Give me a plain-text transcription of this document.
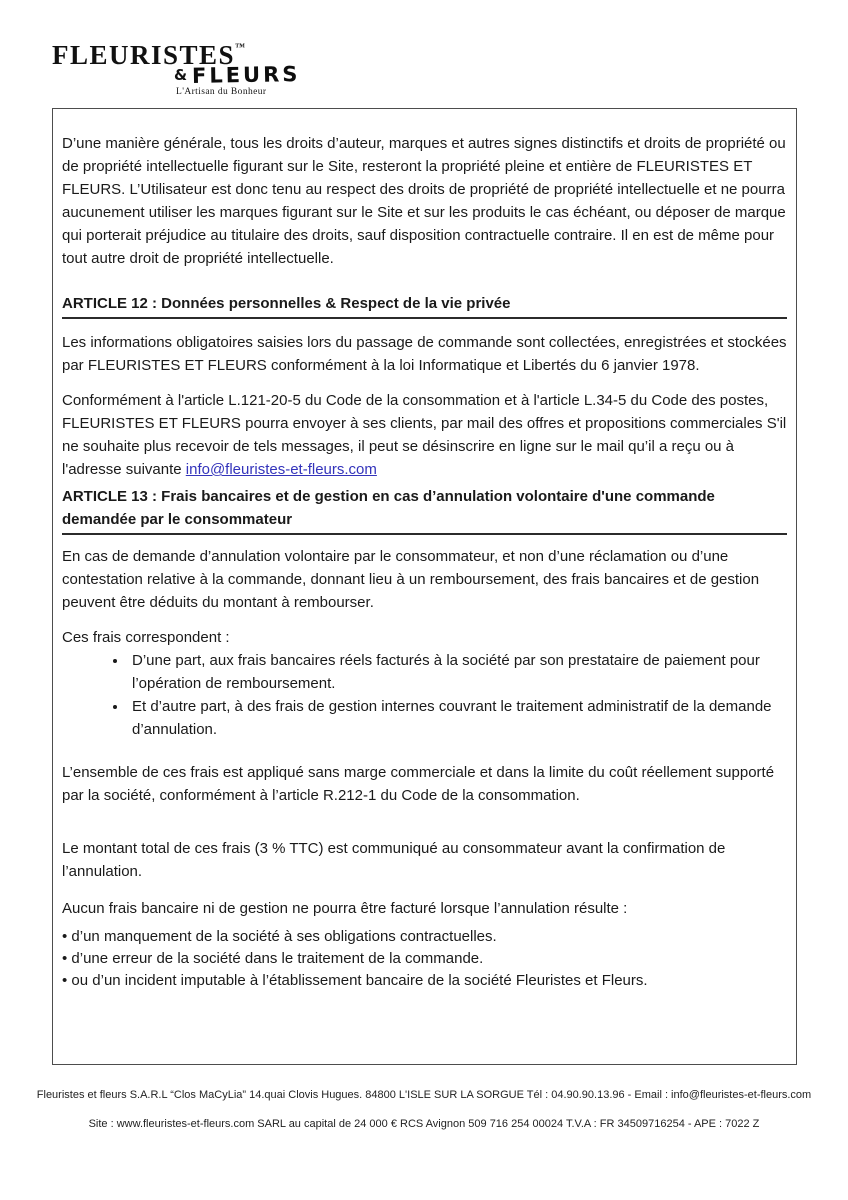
FLEURISTES™
& FLEURS
L'Artisan du Bonheur

D’une manière générale, tous les droits d’auteur, marques et autres signes distinctifs et droits de propriété ou de propriété intellectuelle figurant sur le Site, resteront la propriété pleine et entière de FLEURISTES ET FLEURS. L’Utilisateur est donc tenu au respect des droits de propriété de propriété intellectuelle et ne pourra aucunement utiliser les marques figurant sur le Site et sur les produits le cas échéant, ou déposer de marque qui porterait préjudice au titulaire des droits, sauf disposition contractuelle contraire. Il en est de même pour tout autre droit de propriété intellectuelle.

ARTICLE 12 : Données personnelles & Respect de la vie privée

Les informations obligatoires saisies lors du passage de commande sont collectées, enregistrées et stockées par FLEURISTES ET FLEURS conformément à la loi Informatique et Libertés du 6 janvier 1978.

Conformément à l'article L.121-20-5 du Code de la consommation et à l'article L.34-5 du Code des postes, FLEURISTES ET FLEURS pourra envoyer à ses clients, par mail des offres et propositions commerciales S'il ne souhaite plus recevoir de tels messages, il peut se désinscrire en ligne sur le mail qu’il a reçu ou à l'adresse suivante info@fleuristes-et-fleurs.com

ARTICLE 13 : Frais bancaires et de gestion en cas d’annulation volontaire d'une commande demandée par le consommateur

En cas de demande d’annulation volontaire par le consommateur, et non d’une réclamation ou d’une contestation relative à la commande, donnant lieu à un remboursement, des frais bancaires et de gestion peuvent être déduits du montant à rembourser.

Ces frais correspondent :

• D’une part, aux frais bancaires réels facturés à la société par son prestataire de paiement pour l’opération de remboursement.
• Et d’autre part, à des frais de gestion internes couvrant le traitement administratif de la demande d’annulation.

L’ensemble de ces frais est appliqué sans marge commerciale et dans la limite du coût réellement supporté par la société, conformément à l’article R.212-1 du Code de la consommation.

Le montant total de ces frais (3 % TTC) est communiqué au consommateur avant la confirmation de l’annulation.

Aucun frais bancaire ni de gestion ne pourra être facturé lorsque l’annulation résulte :

• d’un manquement de la société à ses obligations contractuelles.

• d’une erreur de la société dans le traitement de la commande.

• ou d’un incident imputable à l’établissement bancaire de la société Fleuristes et Fleurs.

Fleuristes et fleurs S.A.R.L “Clos MaCyLia” 14.quai Clovis Hugues. 84800 L'ISLE SUR LA SORGUE Tél : 04.90.90.13.96 - Email : info@fleuristes-et-fleurs.com
Site : www.fleuristes-et-fleurs.com SARL au capital de 24 000 € RCS Avignon 509 716 254 00024 T.V.A : FR 34509716254 - APE : 7022 Z
